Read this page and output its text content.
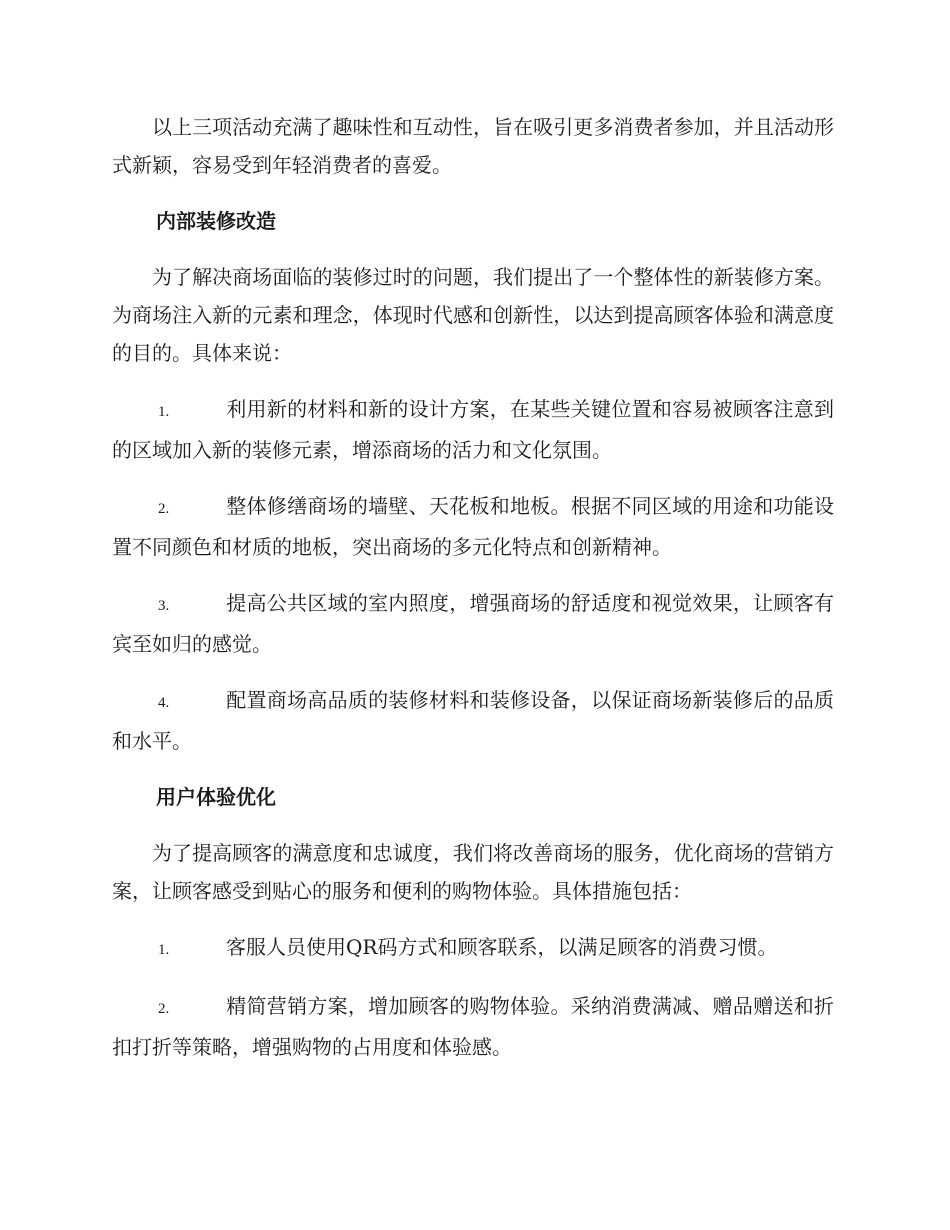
以上三项活动充满了趣味性和互动性，旨在吸引更多消费者参加，并且活动形式新颖，容易受到年轻消费者的喜爱。

内部装修改造

为了解决商场面临的装修过时的问题，我们提出了一个整体性的新装修方案。为商场注入新的元素和理念，体现时代感和创新性，以达到提高顾客体验和满意度的目的。具体来说：

1.	利用新的材料和新的设计方案，在某些关键位置和容易被顾客注意到的区域加入新的装修元素，增添商场的活力和文化氛围。
2.	整体修缮商场的墙壁、天花板和地板。根据不同区域的用途和功能设置不同颜色和材质的地板，突出商场的多元化特点和创新精神。
3.	提高公共区域的室内照度，增强商场的舒适度和视觉效果，让顾客有宾至如归的感觉。
4.	配置商场高品质的装修材料和装修设备，以保证商场新装修后的品质和水平。
用户体验优化

为了提高顾客的满意度和忠诚度，我们将改善商场的服务，优化商场的营销方案，让顾客感受到贴心的服务和便利的购物体验。具体措施包括：

1.	客服人员使用QR码方式和顾客联系，以满足顾客的消费习惯。
2.	精简营销方案，增加顾客的购物体验。采纳消费满减、赠品赠送和折扣打折等策略，增强购物的占用度和体验感。
